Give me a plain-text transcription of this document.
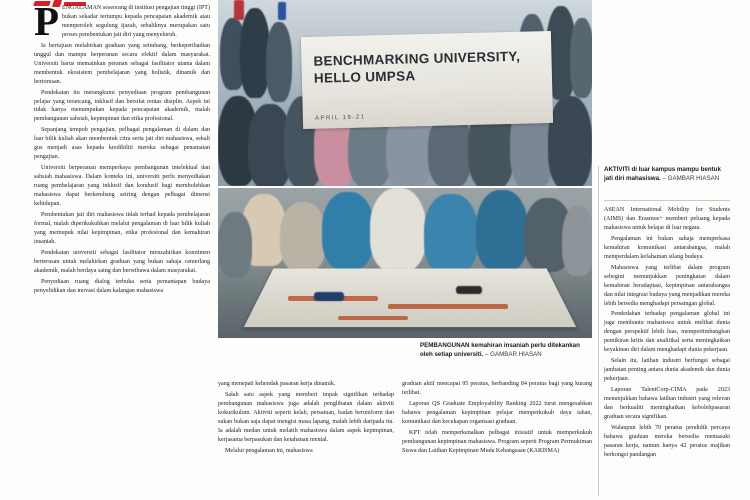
BENCHMARKING UNIVERSITY, HELLO UMPSA
APRIL 19-21
PEMBANGUNAN kemahiran insaniah perlu ditekankan oleh setiap universiti. – GAMBAR HIASAN
AKTIVITI di luar kampus mampu bentuk jati diri mahasiswa. – GAMBAR HIASAN

PENGALAMAN seseorang di institusi pengajian tinggi (IPT) bukan sekadar tertumpu kepada pencapaian akademik atau memperoleh segulung ijazah, sebaliknya merupakan satu proses pembentukan jati diri yang menyeluruh.

Ia bertujuan melahirkan graduan yang seimbang, berkeperibadian unggul dan mampu berperanan secara efektif dalam masyarakat. Universiti harus memainkan peranan sebagai fasilitator utama dalam membentuk ekosistem pembelajaran yang holistik, dinamik dan bertorusan.

Pendekatan itu merangkumi penyediaan program pembangunan pelajar yang terancang, inklusif dan bersifat rentas disiplin. Aspek ini tidak hanya menumpukan kepada pencapaian akademik, malah pembangunan sahsiah, kepimpinan dan etika profesional.

Sepanjang tempoh pengajian, pelbagai pengalaman di dalam dan luar bilik kuliah akan membentuk citra serta jati diri mahasiswa, sekali gus menjadi asas kepada kredibiliti mereka sebagai penamatan pengajian.

Universiti berperanan memperkaya pembangunan intelektual dan sahsiah mahasiswa. Dalam konteks ini, universiti perlu menyediakan ruang pembelajaran yang inklusif dan kondusif bagi membolehkan mahasiswa dapat berkembang seiring dengan pelbagai dimensi kehidupan.

Pembentukan jati diri mahasiswa tidak terhad kepada pembelajaran formal, malah diperikukuhkan melalui pengalaman di luar bilik kuliah yang memupuk nilai kepimpinan, etika profesional dan kemahiran insaniah.

Pendekatan universiti sebagai fasilitator menzahirkan komitmen berterusan untuk melahirkan graduan yang bukan sahaja cemerlang akademik, malah berdaya saing dan berwibawa dalam masyarakat.

Penyediaan ruang dialog terbuka serta pemantapan budaya penyelidikan dan inovasi dalam kalangan mahasiswa

yang menepati kehendak pasaran kerja dinamik.

Salah satu aspek yang memberi impak signifikan terhadap pembangunan mahasiswa juga adalah penglibatan dalam aktiviti kokurikulum. Aktiviti seperti kelab, persatuan, badan beruniform dan sukan bukan saja dapat mengisi masa lapang, malah lebih daripada itu. Ia adalah medan untuk melatih mahasiswa dalam aspek kepimpinan, kerjasama berpasukan dan ketahanan mental.

Melalui pengalaman ini, mahasiswa

graduan aktif mencapai 95 peratus, berbanding 84 peratus bagi yang kurang terlibat.

Laporan QS Graduate Employability Ranking 2022 turut mengesahkan bahawa pengalaman kepimpinan pelajar memperkukuh daya tahan, komunikasi dan kecekapan organisasi graduan.

KPT telah memperkenalkan pelbagai inisiatif untuk memperkukuh pembangunan kepimpinan mahasiswa. Program seperti Program Permukiman Siswa dan Latihan Kepimpinan Muda Kebangsaan (KARISMA)

ASEAN International Mobility for Students (AIMS) dan Erasmus+ memberi peluang kepada mahasiswa untuk belajar di luar negara.

Pengalaman ini bukan sahaja memperkasa kemahiran komunikasi antarabangsa, malah memperdalam kefahaman silang budaya.

Mahasiswa yang terlibat dalam program sebegini menunjukkan peningkatan dalam kemahiran beradaptasi, kepimpinan antarabangsa dan nilai integrasi budaya yang menjadikan mereka lebih bersedia menghadapi persaingan global.

Pendedahan terhadap pengalaman global ini juga membantu mahasiswa untuk melihat dunia dengan perspektif lebih luas, mempertimbangkan pemikiran kritis dan analitikal serta meningkatkan keyakinan diri dalam menghadapi dunia pekerjaan.

Selain itu, latihan industri berfungsi sebagai jambatan penting antara dunia akademik dan dunia pekerjaan.

Laporan TalentCorp-CIMA pada 2023 menunjukkan bahawa latihan industri yang relevan dan berkualiti meningkatkan kebolehpasaran graduan secara signifikan.

Walaupun lebih 70 peratus pendidik percaya bahawa graduan mereka bersedia memasuki pasaran kerja, namun hanya 42 peratus majikan berkongsi pandangan
